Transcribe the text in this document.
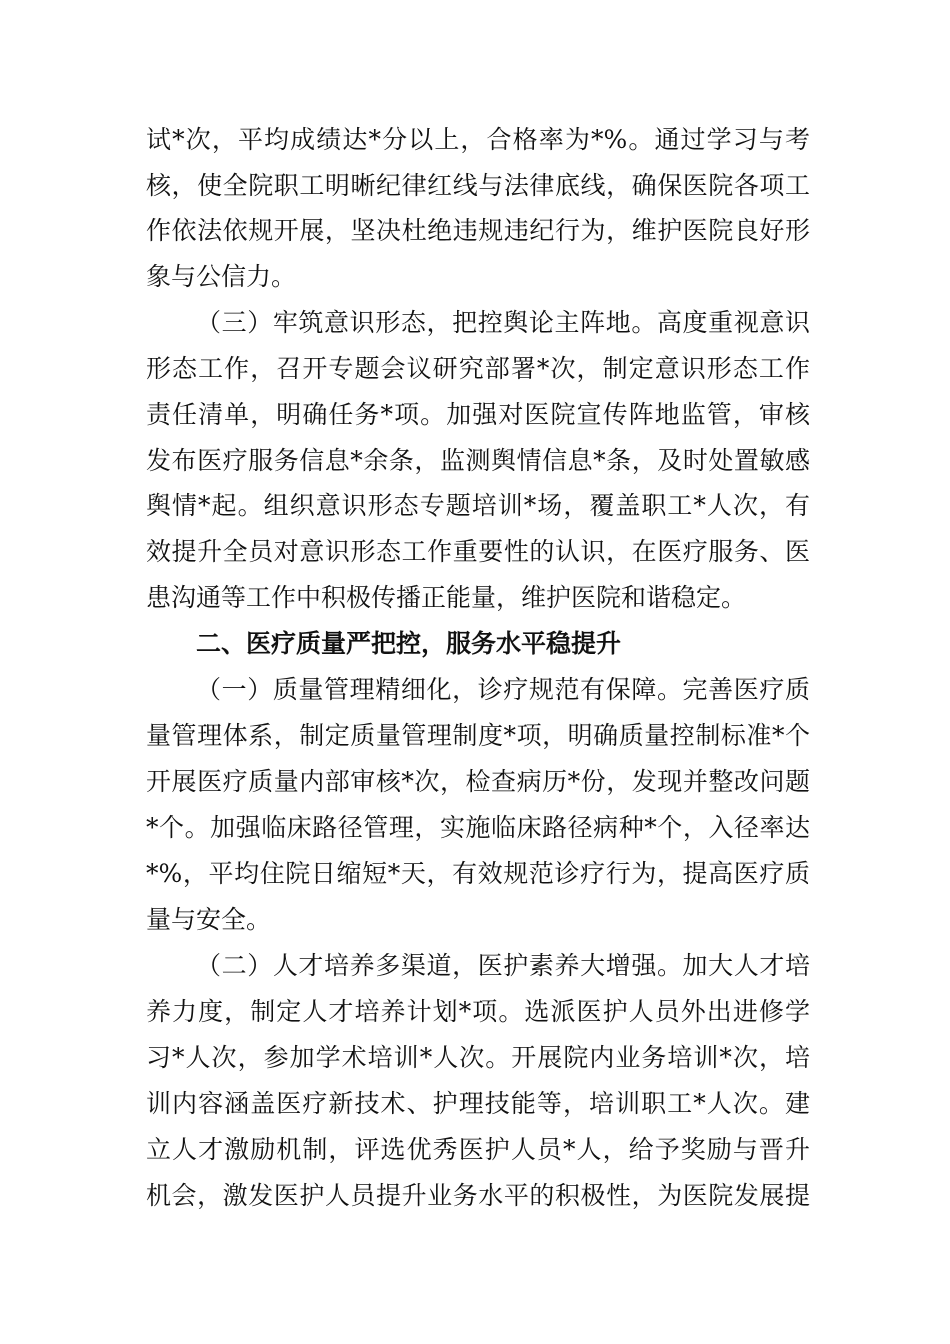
试*次，平均成绩达*分以上，合格率为*%。通过学习与考
核，使全院职工明晰纪律红线与法律底线，确保医院各项工
作依法依规开展，坚决杜绝违规违纪行为，维护医院良好形
象与公信力。
（三）牢筑意识形态，把控舆论主阵地。高度重视意识
形态工作，召开专题会议研究部署*次，制定意识形态工作
责任清单，明确任务*项。加强对医院宣传阵地监管，审核
发布医疗服务信息*余条，监测舆情信息*条，及时处置敏感
舆情*起。组织意识形态专题培训*场，覆盖职工*人次，有
效提升全员对意识形态工作重要性的认识，在医疗服务、医
患沟通等工作中积极传播正能量，维护医院和谐稳定。
二、医疗质量严把控，服务水平稳提升
（一）质量管理精细化，诊疗规范有保障。完善医疗质
量管理体系，制定质量管理制度*项，明确质量控制标准*个
开展医疗质量内部审核*次，检查病历*份，发现并整改问题
*个。加强临床路径管理，实施临床路径病种*个，入径率达
*%，平均住院日缩短*天，有效规范诊疗行为，提高医疗质
量与安全。
（二）人才培养多渠道，医护素养大增强。加大人才培
养力度，制定人才培养计划*项。选派医护人员外出进修学
习*人次，参加学术培训*人次。开展院内业务培训*次，培
训内容涵盖医疗新技术、护理技能等，培训职工*人次。建
立人才激励机制，评选优秀医护人员*人，给予奖励与晋升
机会，激发医护人员提升业务水平的积极性，为医院发展提
